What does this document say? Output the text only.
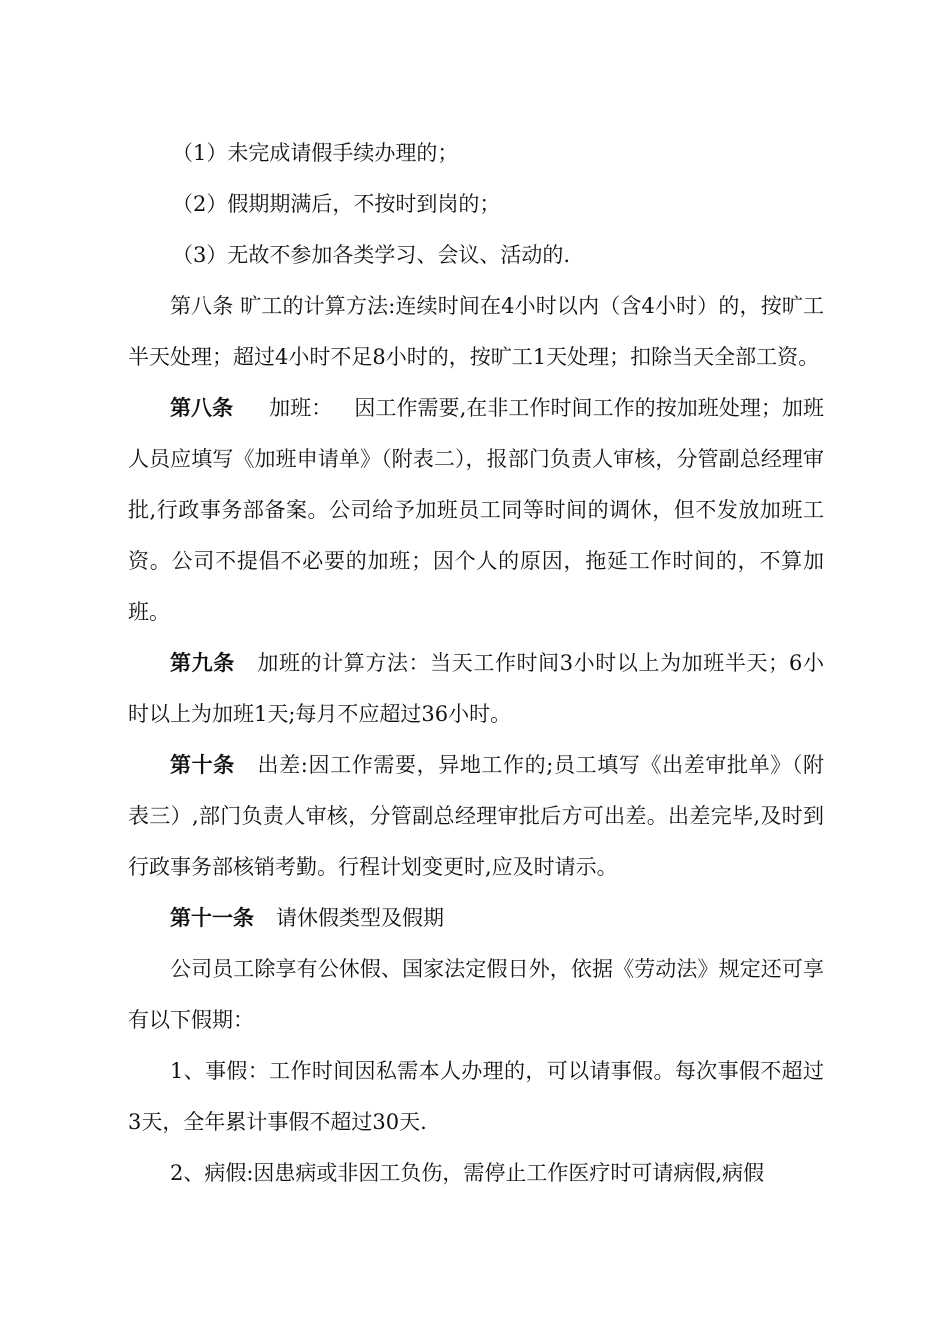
（1）未完成请假手续办理的；

（2）假期期满后，不按时到岗的；

（3）无故不参加各类学习、会议、活动的.

第八条 旷工的计算方法:连续时间在4小时以内（含4小时）的，按旷工半天处理；超过4小时不足8小时的，按旷工1天处理；扣除当天全部工资。

第八条 加班： 因工作需要,在非工作时间工作的按加班处理；加班人员应填写《加班申请单》（附表二），报部门负责人审核，分管副总经理审批,行政事务部备案。公司给予加班员工同等时间的调休，但不发放加班工资。公司不提倡不必要的加班；因个人的原因，拖延工作时间的，不算加班。

第九条 加班的计算方法：当天工作时间3小时以上为加班半天；6小时以上为加班1天;每月不应超过36小时。

第十条 出差:因工作需要，异地工作的;员工填写《出差审批单》（附表三）,部门负责人审核，分管副总经理审批后方可出差。出差完毕,及时到行政事务部核销考勤。行程计划变更时,应及时请示。

第十一条 请休假类型及假期

公司员工除享有公休假、国家法定假日外，依据《劳动法》规定还可享有以下假期：

1、事假：工作时间因私需本人办理的，可以请事假。每次事假不超过3天，全年累计事假不超过30天.

2、病假:因患病或非因工负伤，需停止工作医疗时可请病假,病假
